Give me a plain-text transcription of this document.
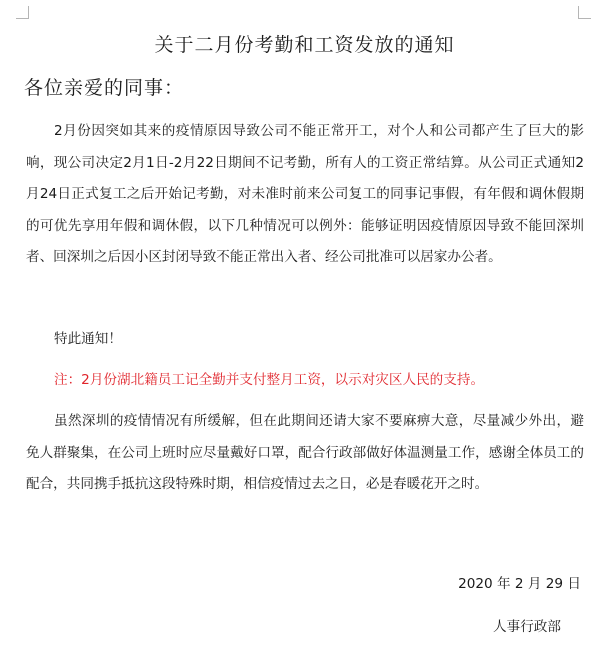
关于二月份考勤和工资发放的通知
各位亲爱的同事：

2月份因突如其来的疫情原因导致公司不能正常开工，对个人和公司都产生了巨大的影响，现公司决定2月1日-2月22日期间不记考勤，所有人的工资正常结算。从公司正式通知2月24日正式复工之后开始记考勤，对未准时前来公司复工的同事记事假，有年假和调休假期的可优先享用年假和调休假，以下几种情况可以例外：能够证明因疫情原因导致不能回深圳者、回深圳之后因小区封闭导致不能正常出入者、经公司批准可以居家办公者。

特此通知！

注：2月份湖北籍员工记全勤并支付整月工资，以示对灾区人民的支持。

虽然深圳的疫情情况有所缓解，但在此期间还请大家不要麻痹大意，尽量减少外出，避免人群聚集，在公司上班时应尽量戴好口罩，配合行政部做好体温测量工作，感谢全体员工的配合，共同携手抵抗这段特殊时期，相信疫情过去之日，必是春暖花开之时。

2020 年 2 月 29 日
人事行政部
